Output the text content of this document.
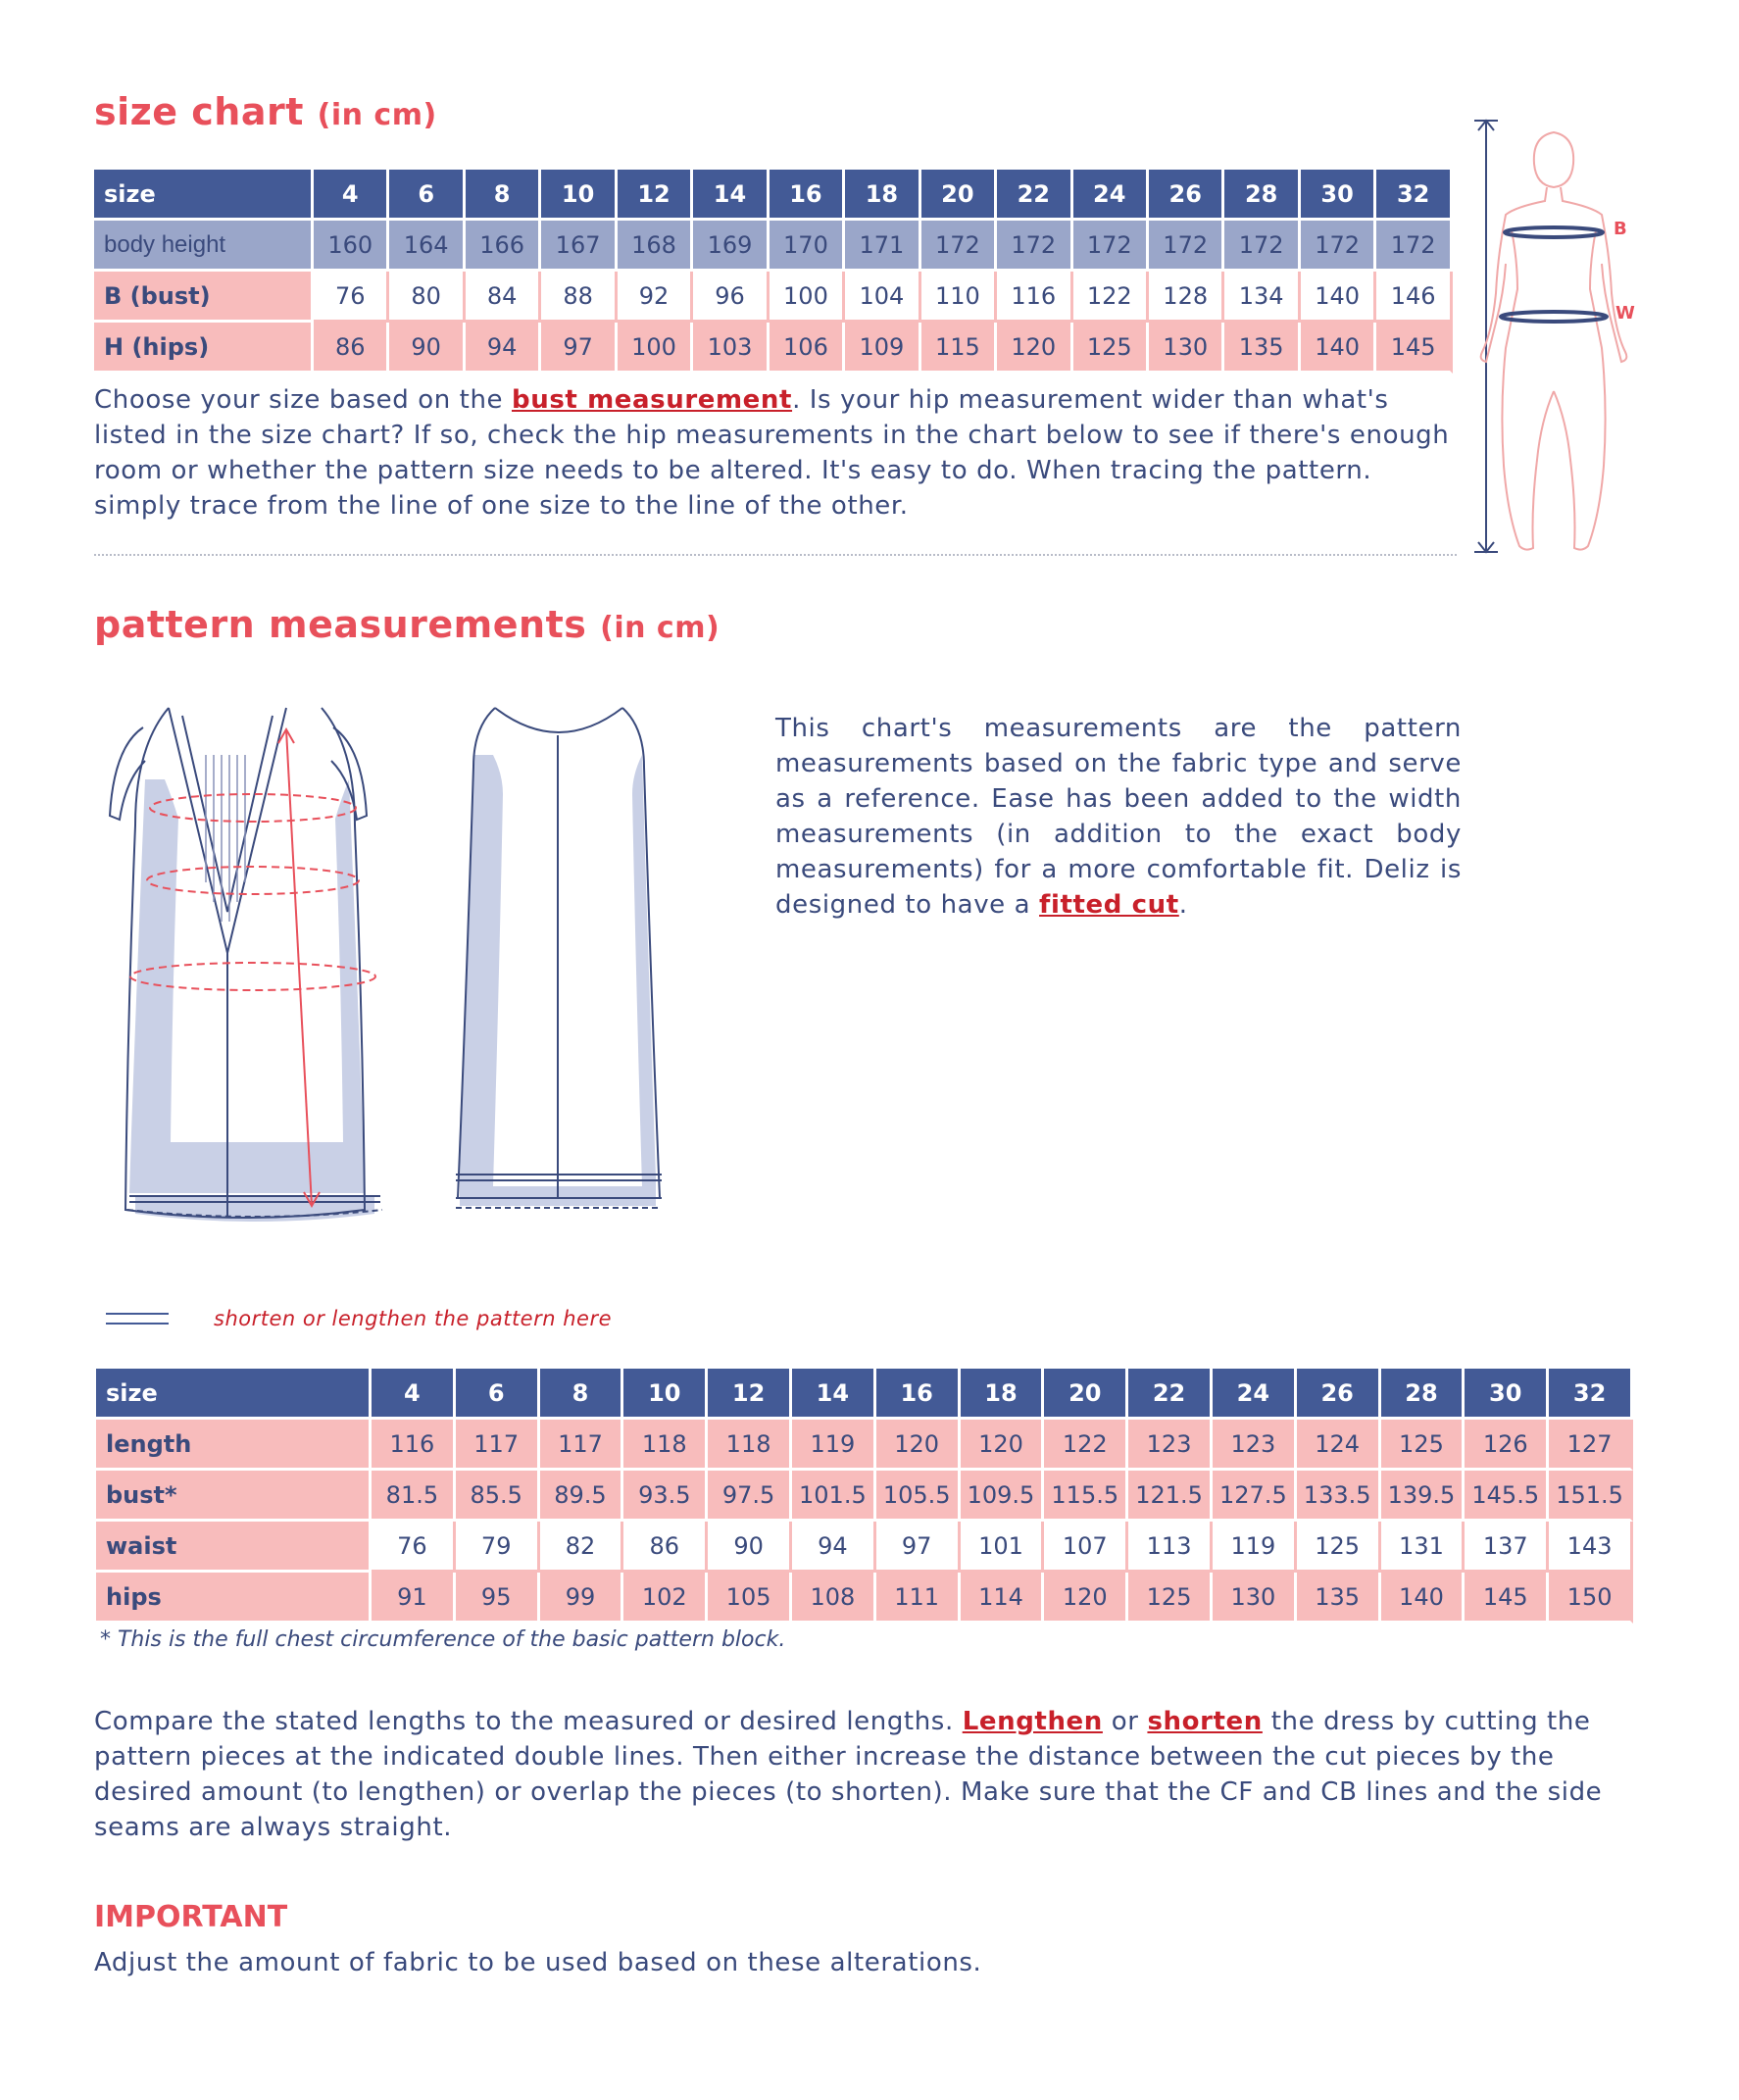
size chart (in cm)
size	4	6	8	10	12	14	16	18	20	22	24	26	28	30	32
body height	160	164	166	167	168	169	170	171	172	172	172	172	172	172	172
B (bust)	76	80	84	88	92	96	100	104	110	116	122	128	134	140	146
H (hips)	86	90	94	97	100	103	106	109	115	120	125	130	135	140	145
Choose your size based on the bust measurement. Is your hip measurement wider than what's listed in the size chart? If so, check the hip measurements in the chart below to see if there's enough room or whether the pattern size needs to be altered. It's easy to do. When tracing the pattern. simply trace from the line of one size to the line of the other.
B
W
pattern measurements (in cm)
This chart's measurements are the pattern measurements based on the fabric type and serve as a reference. Ease has been added to the width measurements (in addition to the exact body measurements) for a more comfortable fit. Deliz is designed to have a fitted cut.
shorten or lengthen the pattern here
size	4	6	8	10	12	14	16	18	20	22	24	26	28	30	32
length	116	117	117	118	118	119	120	120	122	123	123	124	125	126	127
bust*	81.5	85.5	89.5	93.5	97.5	101.5	105.5	109.5	115.5	121.5	127.5	133.5	139.5	145.5	151.5
waist	76	79	82	86	90	94	97	101	107	113	119	125	131	137	143
hips	91	95	99	102	105	108	111	114	120	125	130	135	140	145	150
* This is the full chest circumference of the basic pattern block.
Compare the stated lengths to the measured or desired lengths. Lengthen or shorten the dress by cutting the pattern pieces at the indicated double lines. Then either increase the distance between the cut pieces by the desired amount (to lengthen) or overlap the pieces (to shorten). Make sure that the CF and CB lines and the side seams are always straight.
IMPORTANT
Adjust the amount of fabric to be used based on these alterations.
